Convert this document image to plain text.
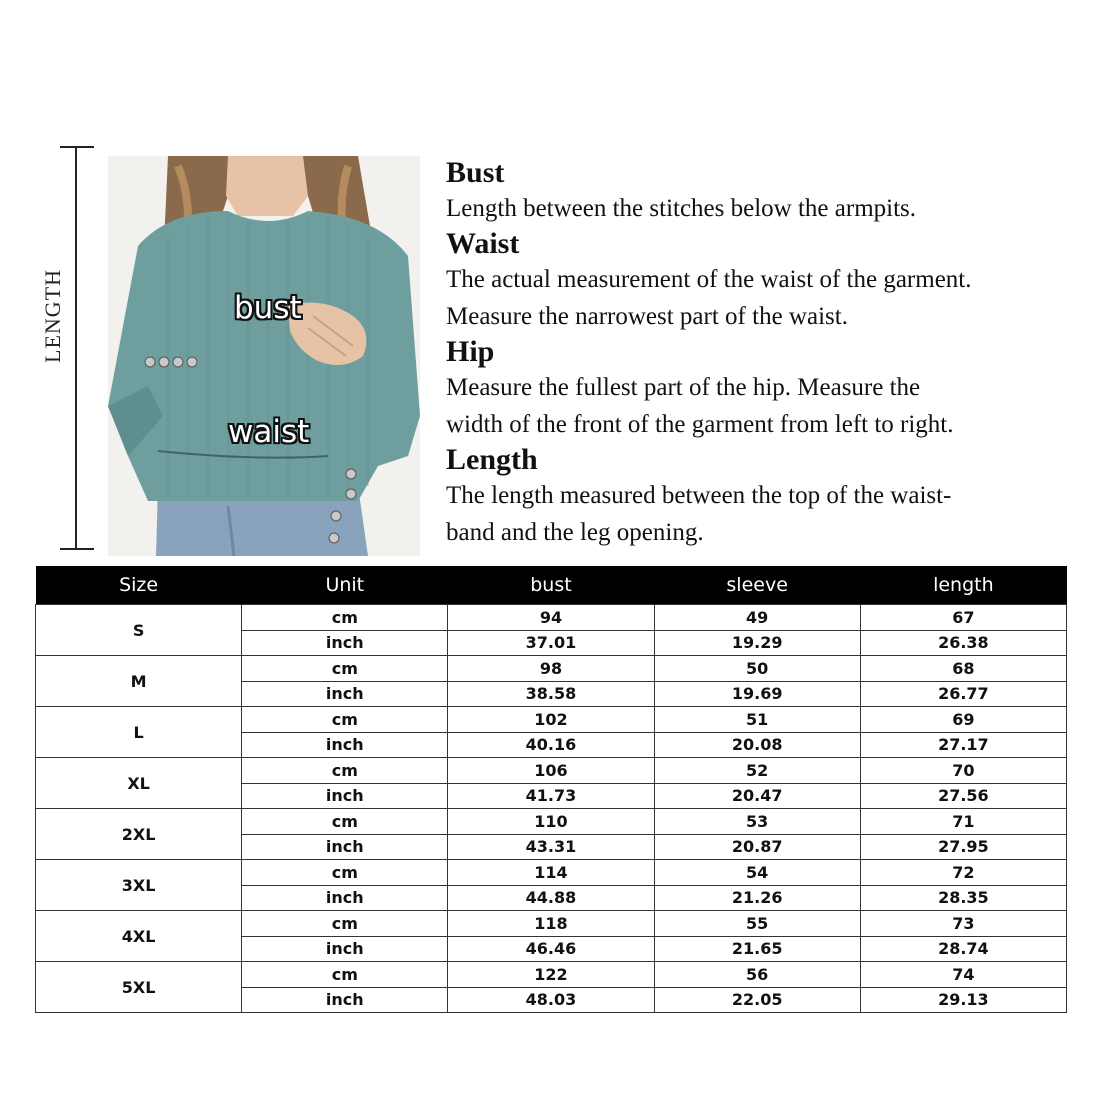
LENGTH	bust
waist
Bust
Length between the stitches below the armpits.
Waist
The actual measurement of the waist of the garment.
Measure the narrowest part of the waist.
Hip
Measure the fullest part of the hip. Measure the
width of the front of the garment from left to right.
Length
The length measured between the top of the waist-
band and the leg opening.
Size	Unit	bust	sleeve	length
S	cm	94	49	67
	inch	37.01	19.29	26.38
M	cm	98	50	68
	inch	38.58	19.69	26.77
L	cm	102	51	69
	inch	40.16	20.08	27.17
XL	cm	106	52	70
	inch	41.73	20.47	27.56
2XL	cm	110	53	71
	inch	43.31	20.87	27.95
3XL	cm	114	54	72
	inch	44.88	21.26	28.35
4XL	cm	118	55	73
	inch	46.46	21.65	28.74
5XL	cm	122	56	74
	inch	48.03	22.05	29.13
